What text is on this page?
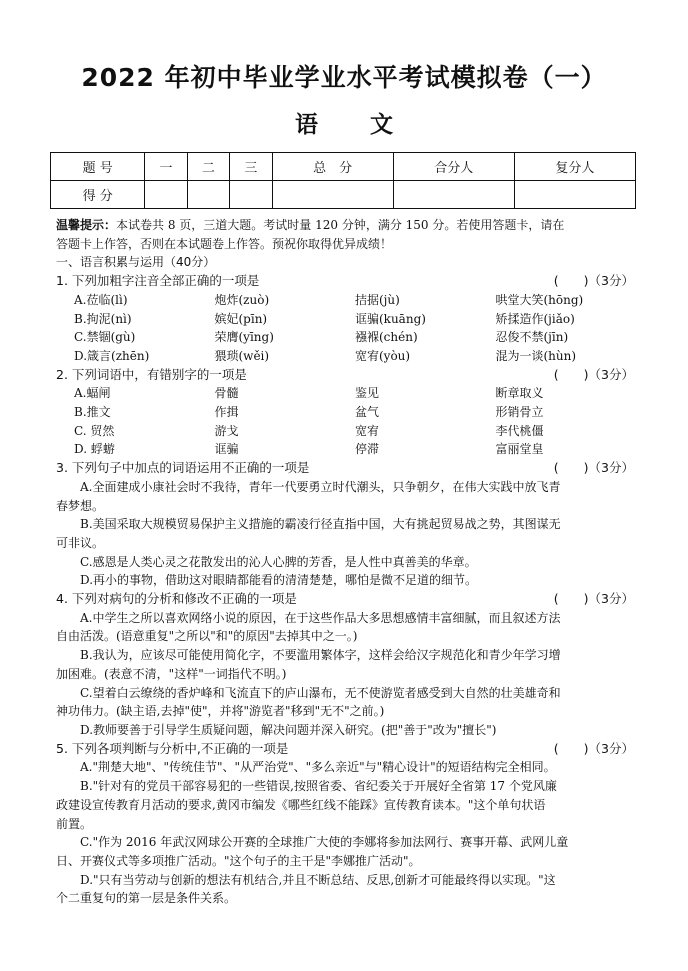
2022 年初中毕业学业水平考试模拟卷（一）
语 文
题 号	一	二	三	总　分	合分人	复分人
得 分						
温馨提示：本试卷共 8 页，三道大题。考试时量 120 分钟，满分 150 分。若使用答题卡，请在
答题卡上作答，否则在本试题卷上作答。预祝你取得优异成绩！
一、语言积累与运用（40分）
1. 下列加粗字注音全部正确的一项是	(　　)（3分）
A.莅临(lì)	炮炸(zuò)	拮据(jù)	哄堂大笑(hōng)
B.拘泥(nì)	嫔妃(pīn)	诓骗(kuāng)	矫揉造作(jiǎo)
C.禁锢(gù)	荣膺(yīng)	襁褓(chén)	忍俊不禁(jīn)
D.箴言(zhēn)	猥琐(wěi)	宽宥(yòu)	混为一谈(hùn)
2. 下列词语中，有错别字的一项是	(　　)（3分）
A.蝠闸	骨髓	鉴见	断章取义
B.推文	作揖	盆气	形销骨立
C. 贸然	游戈	宽宥	李代桃僵
D. 蜉蝣	诓骗	停滞	富丽堂皇
3. 下列句子中加点的词语运用不正确的一项是	(　　)（3分）
A.全面建成小康社会时不我待，青年一代要勇立时代潮头，只争朝夕，在伟大实践中放飞青
春梦想。
B.美国采取大规模贸易保护主义措施的霸凌行径直指中国，大有挑起贸易战之势，其图谋无
可非议。
C.感恩是人类心灵之花散发出的沁人心脾的芳香，是人性中真善美的华章。
D.再小的事物，借助这对眼睛都能看的清清楚楚，哪怕是微不足道的细节。
4. 下列对病句的分析和修改不正确的一项是	(　　)（3分）
A.中学生之所以喜欢网络小说的原因，在于这些作品大多思想感情丰富细腻，而且叙述方法
自由活泼。(语意重复"之所以"和"的原因"去掉其中之一。)
B.我认为，应该尽可能使用简化字，不要滥用繁体字，这样会给汉字规范化和青少年学习增
加困难。(表意不清，"这样"一词指代不明。)
C.望着白云缭绕的香炉峰和飞流直下的庐山瀑布，无不使游览者感受到大自然的壮美雄奇和
神功伟力。(缺主语,去掉"使"，并将"游览者"移到"无不"之前。)
D.教师要善于引导学生质疑问题，解决问题并深入研究。(把"善于"改为"擅长")
5. 下列各项判断与分析中,不正确的一项是	(　　)（3分）
A."荆楚大地"、"传统佳节"、"从严治党"、"多么亲近"与"精心设计"的短语结构完全相同。
B."针对有的党员干部容易犯的一些错误,按照省委、省纪委关于开展好全省第 17 个党风廉
政建设宣传教育月活动的要求,黄冈市编发《哪些红线不能踩》宣传教育读本。"这个单句状语
前置。
C."作为 2016 年武汉网球公开赛的全球推广大使的李娜将参加法网行、赛事开幕、武网儿童
日、开赛仪式等多项推广活动。"这个句子的主干是"李娜推广活动"。
D."只有当劳动与创新的想法有机结合,并且不断总结、反思,创新才可能最终得以实现。"这
个二重复句的第一层是条件关系。
